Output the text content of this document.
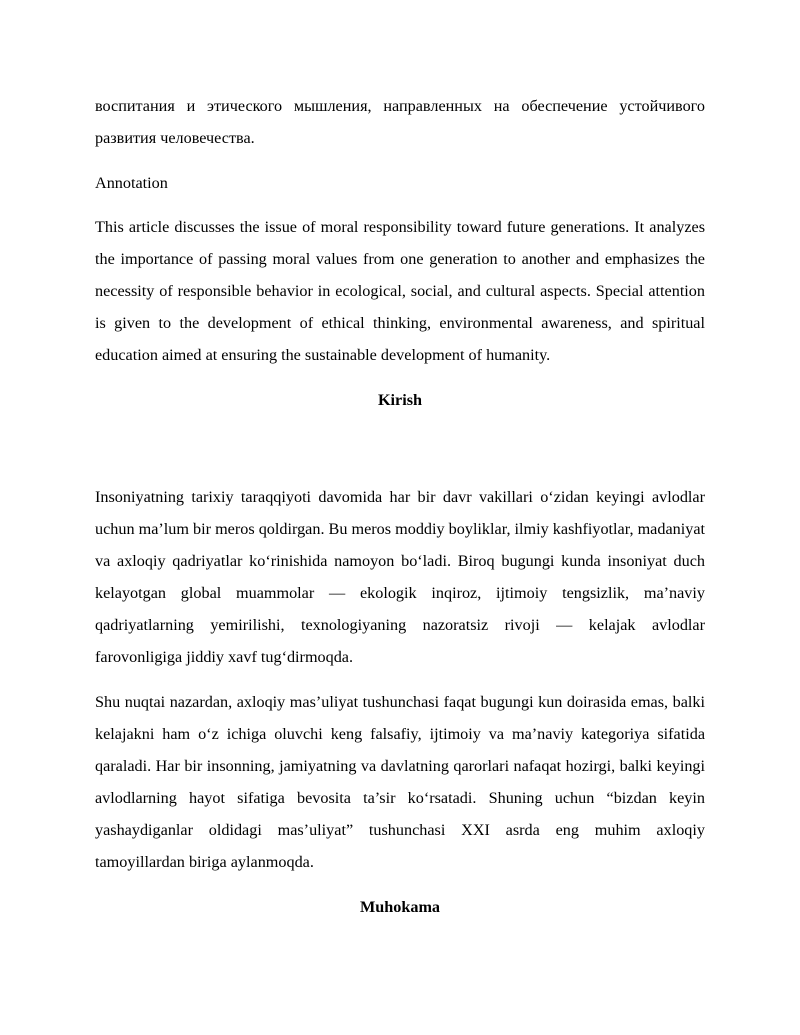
воспитания и этического мышления, направленных на обеспечение устойчивого развития человечества.

Annotation

This article discusses the issue of moral responsibility toward future generations. It analyzes the importance of passing moral values from one generation to another and emphasizes the necessity of responsible behavior in ecological, social, and cultural aspects. Special attention is given to the development of ethical thinking, environmental awareness, and spiritual education aimed at ensuring the sustainable development of humanity.

Kirish

Insoniyatning tarixiy taraqqiyoti davomida har bir davr vakillari o‘zidan keyingi avlodlar uchun ma’lum bir meros qoldirgan. Bu meros moddiy boyliklar, ilmiy kashfiyotlar, madaniyat va axloqiy qadriyatlar ko‘rinishida namoyon bo‘ladi. Biroq bugungi kunda insoniyat duch kelayotgan global muammolar — ekologik inqiroz, ijtimoiy tengsizlik, ma’naviy qadriyatlarning yemirilishi, texnologiyaning nazoratsiz rivoji — kelajak avlodlar farovonligiga jiddiy xavf tug‘dirmoqda.

Shu nuqtai nazardan, axloqiy mas’uliyat tushunchasi faqat bugungi kun doirasida emas, balki kelajakni ham o‘z ichiga oluvchi keng falsafiy, ijtimoiy va ma’naviy kategoriya sifatida qaraladi. Har bir insonning, jamiyatning va davlatning qarorlari nafaqat hozirgi, balki keyingi avlodlarning hayot sifatiga bevosita ta’sir ko‘rsatadi. Shuning uchun “bizdan keyin yashaydiganlar oldidagi mas’uliyat” tushunchasi XXI asrda eng muhim axloqiy tamoyillardan biriga aylanmoqda.

Muhokama
